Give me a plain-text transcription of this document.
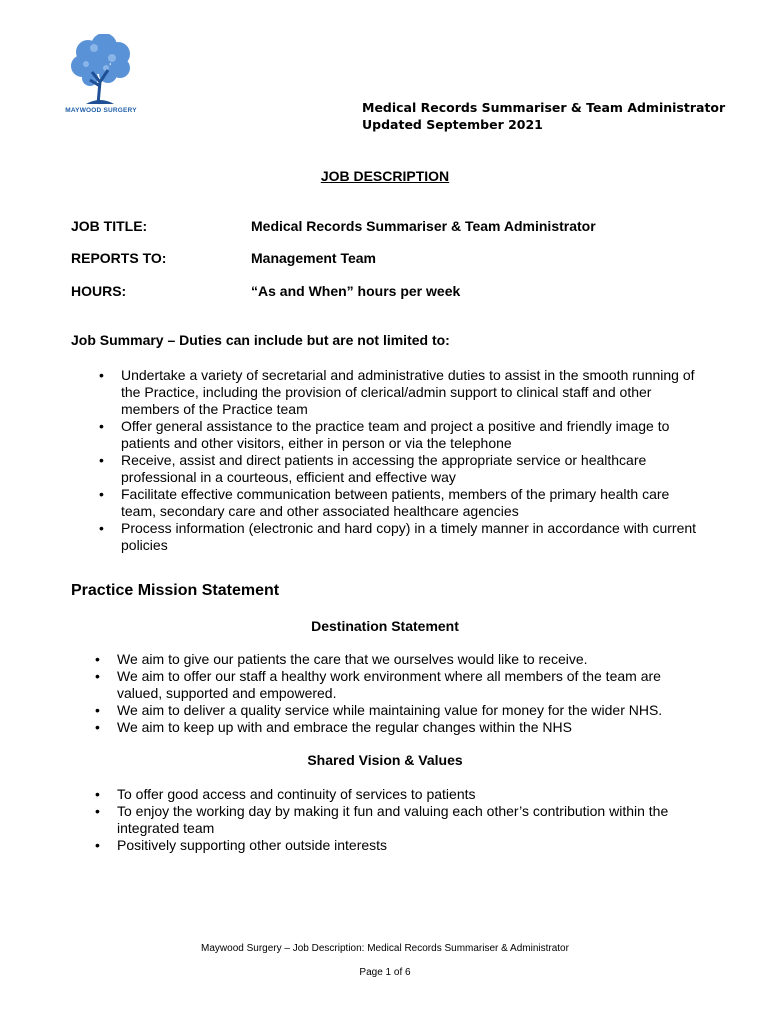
MAYWOOD SURGERY	Medical Records Summariser & Team Administrator
Updated September 2021
JOB DESCRIPTION
JOB TITLE:	Medical Records Summariser & Team Administrator
REPORTS TO:	Management Team
HOURS:	“As and When” hours per week
Job Summary – Duties can include but are not limited to:
• Undertake a variety of secretarial and administrative duties to assist in the smooth running of
the Practice, including the provision of clerical/admin support to clinical staff and other
members of the Practice team
• Offer general assistance to the practice team and project a positive and friendly image to
patients and other visitors, either in person or via the telephone
• Receive, assist and direct patients in accessing the appropriate service or healthcare
professional in a courteous, efficient and effective way
• Facilitate effective communication between patients, members of the primary health care
team, secondary care and other associated healthcare agencies
• Process information (electronic and hard copy) in a timely manner in accordance with current
policies
Practice Mission Statement
Destination Statement
• We aim to give our patients the care that we ourselves would like to receive.
• We aim to offer our staff a healthy work environment where all members of the team are
valued, supported and empowered.
• We aim to deliver a quality service while maintaining value for money for the wider NHS.
• We aim to keep up with and embrace the regular changes within the NHS
Shared Vision & Values
• To offer good access and continuity of services to patients
• To enjoy the working day by making it fun and valuing each other’s contribution within the
integrated team
• Positively supporting other outside interests
Maywood Surgery – Job Description: Medical Records Summariser & Administrator
Page 1 of 6
